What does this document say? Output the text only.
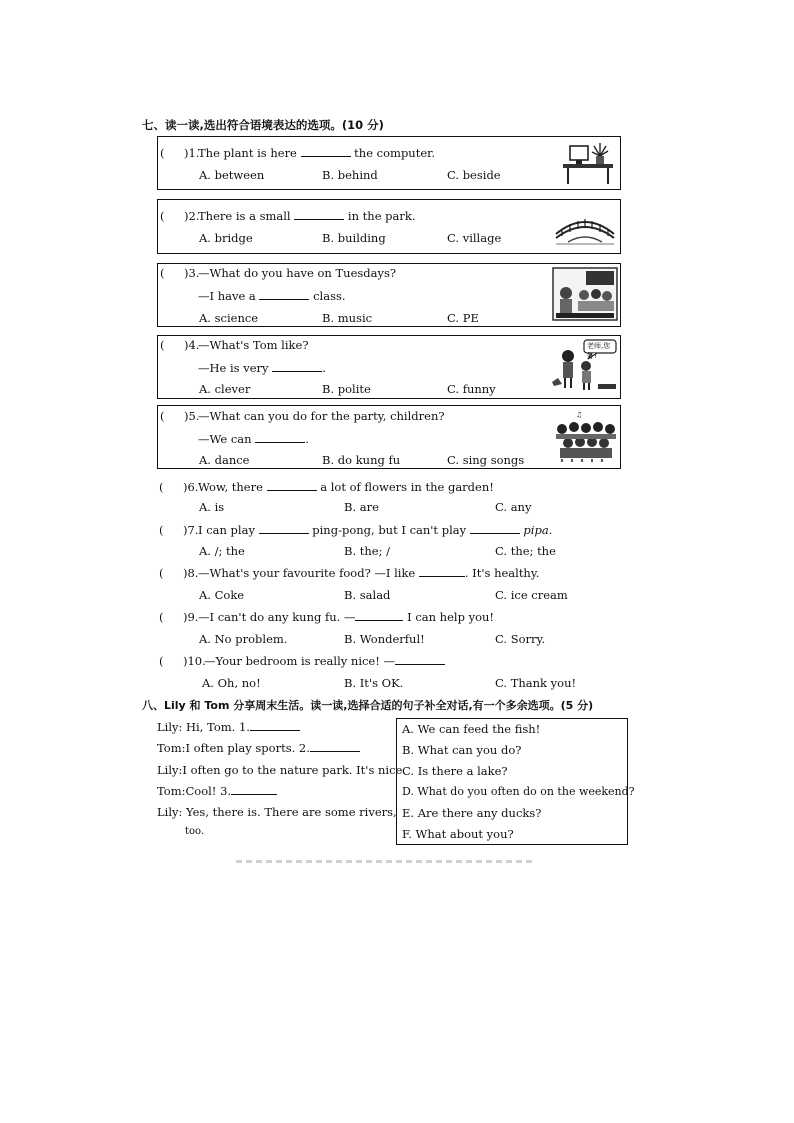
七、读一读,选出符合语境表达的选项。(10 分)
( )1.
The plant is here	the computer.
A. between	B. behind	C. beside
( )2.
There is a small	in the park.
A. bridge	B. building	C. village
( )3.
—What do you have on Tuesdays?
—I have a	class.
A. science	B. music	C. PE
( )4.
—What's Tom like?
—He is very	.
A. clever	B. polite	C. funny
老师,您好!
( )5.
—What can you do for the party, children?
—We can	.
A. dance	B. do kung fu	C. sing songs
♫
( )6. Wow, there	a lot of flowers in the garden!
A. is	B. are	C. any
( )7. I can play	ping-pong, but I can't play	pipa.
A. /; the	B. the; /	C. the; the
( )8. —What's your favourite food? —I like	. It's healthy.
A. Coke	B. salad	C. ice cream
( )9. —I can't do any kung fu. —	I can help you!
A. No problem.	B. Wonderful!	C. Sorry.
( )10.
—Your bedroom is really nice! —
A. Oh, no!	B. It's OK.	C. Thank you!
八、Lily 和 Tom 分享周末生活。读一读,选择合适的句子补全对话,有一个多余选项。(5 分)
Lily: Hi, Tom. 1.
Tom:I often play sports. 2.
Lily:I often go to the nature park. It's nice.
Tom:Cool! 3.
Lily: Yes, there is. There are some rivers,
too.
A. We can feed the fish!
B. What can you do?
C. Is there a lake?
D. What do you often do on the weekend?
E. Are there any ducks?
F. What about you?
